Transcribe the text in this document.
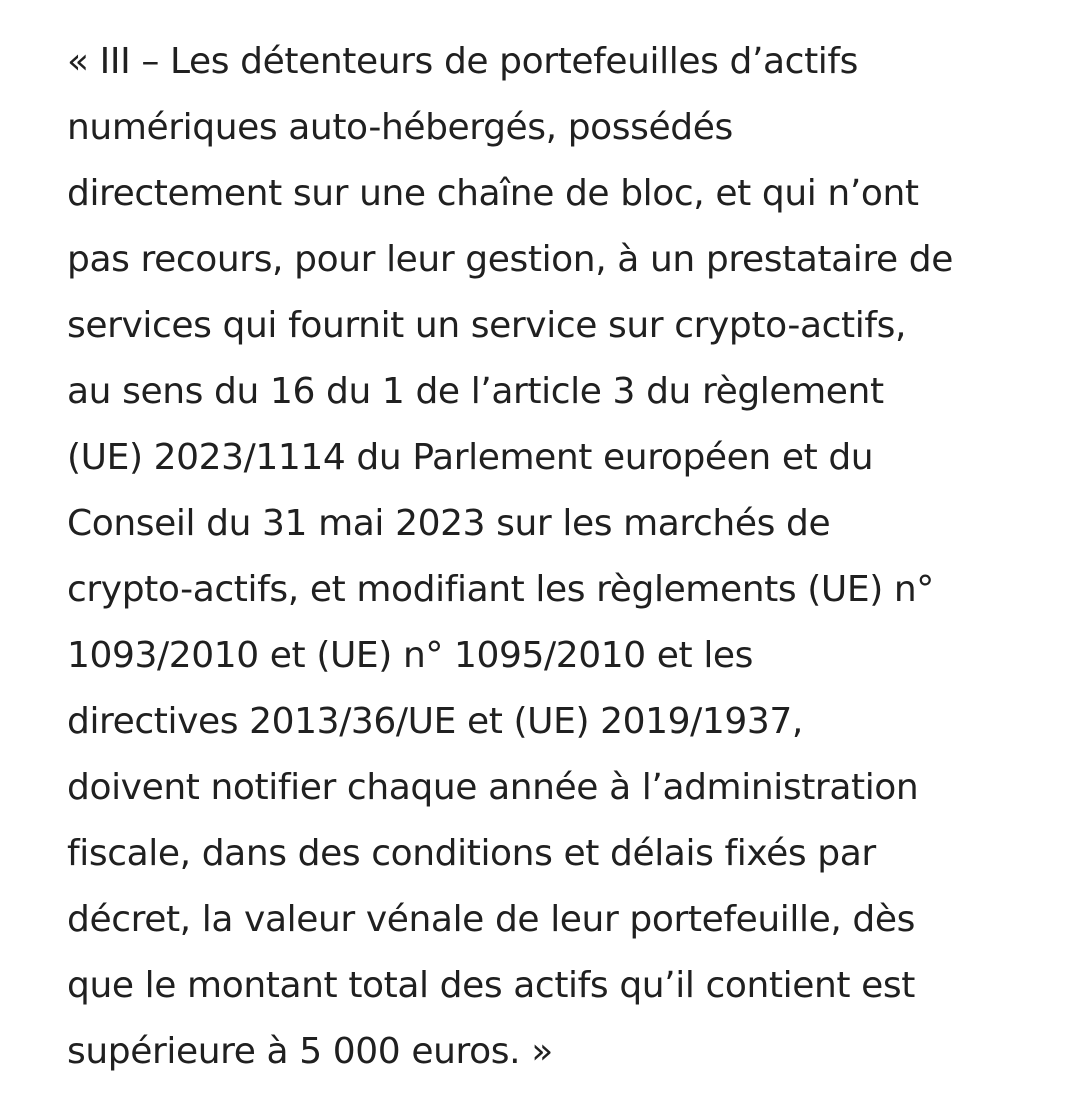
« III – Les détenteurs de portefeuilles d’actifs
numériques auto-hébergés, possédés
directement sur une chaîne de bloc, et qui n’ont
pas recours, pour leur gestion, à un prestataire de
services qui fournit un service sur crypto-actifs,
au sens du 16 du 1 de l’article 3 du règlement
(UE) 2023/1114 du Parlement européen et du
Conseil du 31 mai 2023 sur les marchés de
crypto-actifs, et modifiant les règlements (UE) n°
1093/2010 et (UE) n° 1095/2010 et les
directives 2013/36/UE et (UE) 2019/1937,
doivent notifier chaque année à l’administration
fiscale, dans des conditions et délais fixés par
décret, la valeur vénale de leur portefeuille, dès
que le montant total des actifs qu’il contient est
supérieure à 5 000 euros. »
